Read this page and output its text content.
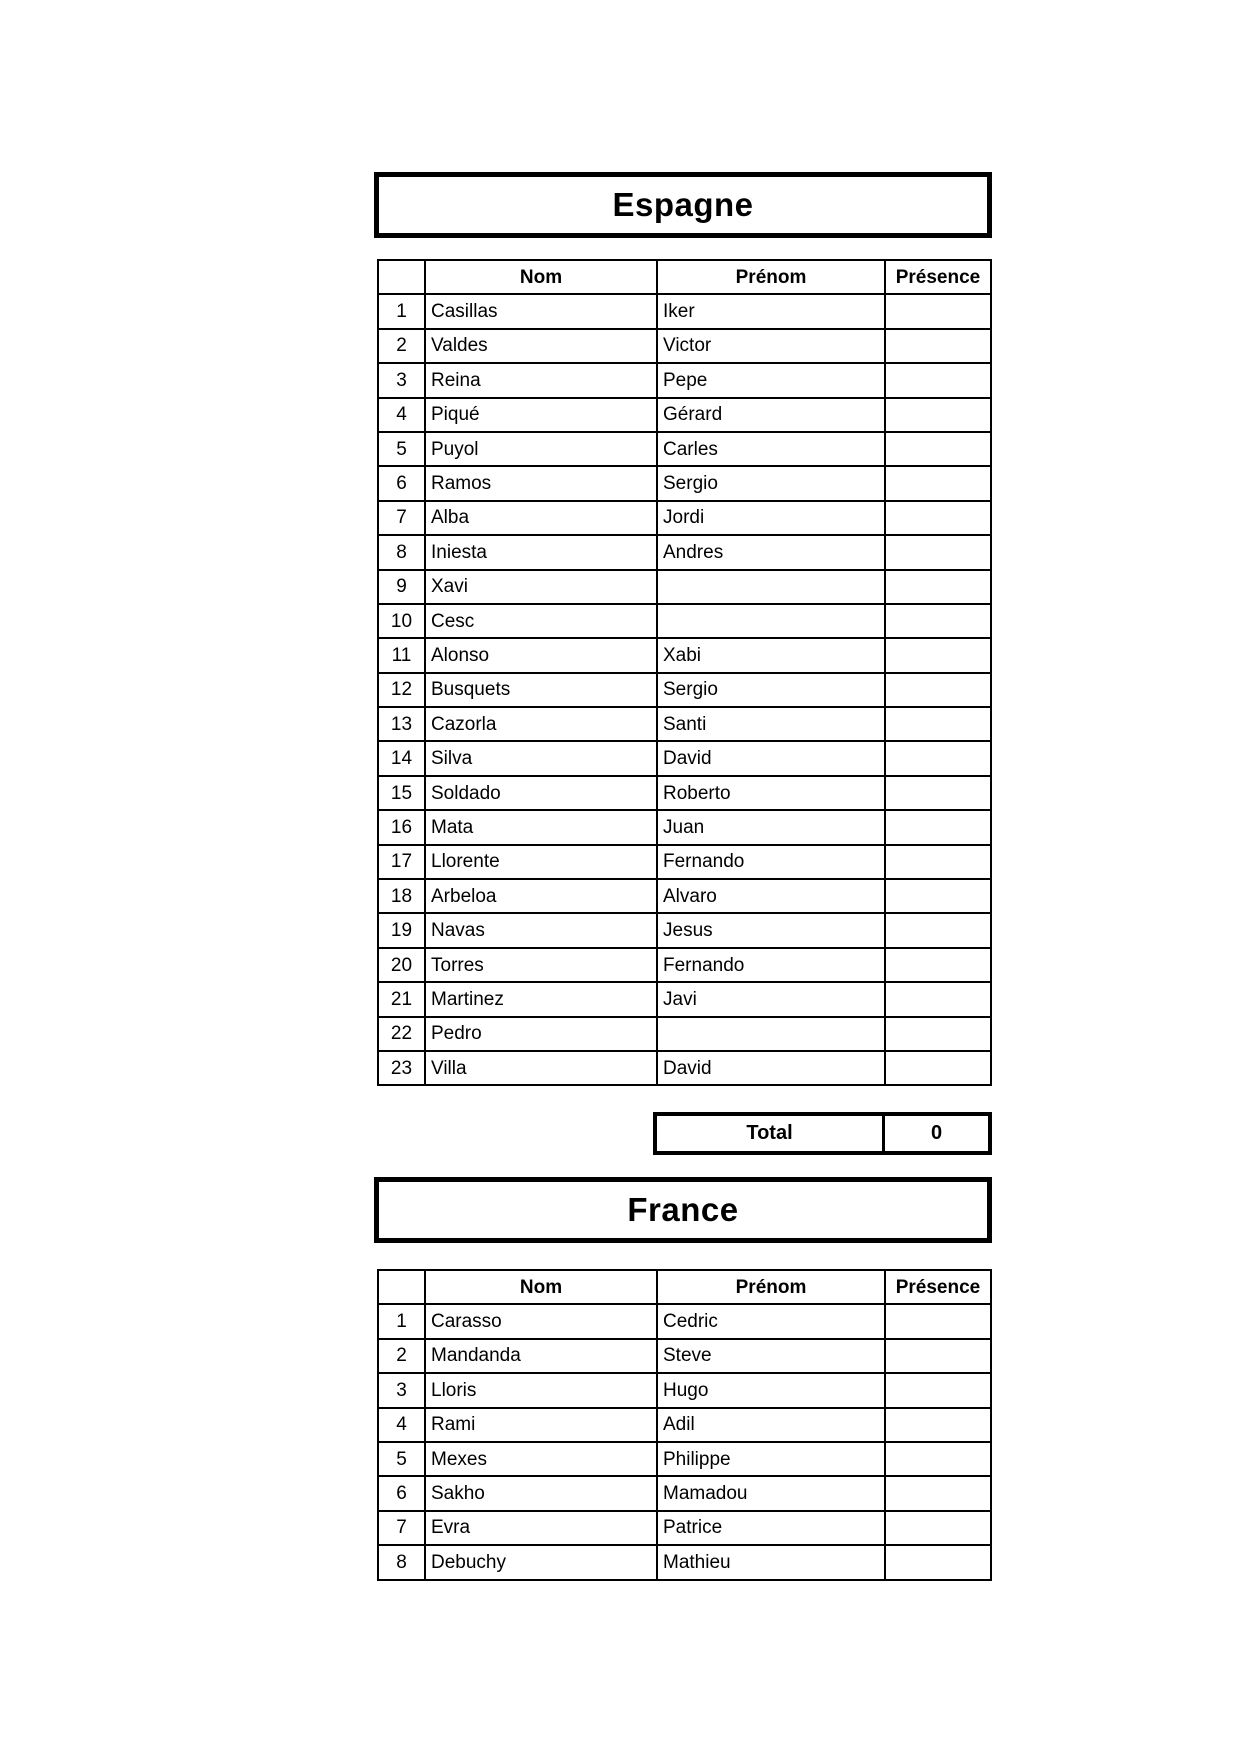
Espagne
	Nom	Prénom	Présence
1	Casillas	Iker	
2	Valdes	Victor	
3	Reina	Pepe	
4	Piqué	Gérard	
5	Puyol	Carles	
6	Ramos	Sergio	
7	Alba	Jordi	
8	Iniesta	Andres	
9	Xavi		
10	Cesc		
11	Alonso	Xabi	
12	Busquets	Sergio	
13	Cazorla	Santi	
14	Silva	David	
15	Soldado	Roberto	
16	Mata	Juan	
17	Llorente	Fernando	
18	Arbeloa	Alvaro	
19	Navas	Jesus	
20	Torres	Fernando	
21	Martinez	Javi	
22	Pedro		
23	Villa	David	
Total	0
France
	Nom	Prénom	Présence
1	Carasso	Cedric	
2	Mandanda	Steve	
3	Lloris	Hugo	
4	Rami	Adil	
5	Mexes	Philippe	
6	Sakho	Mamadou	
7	Evra	Patrice	
8	Debuchy	Mathieu	
